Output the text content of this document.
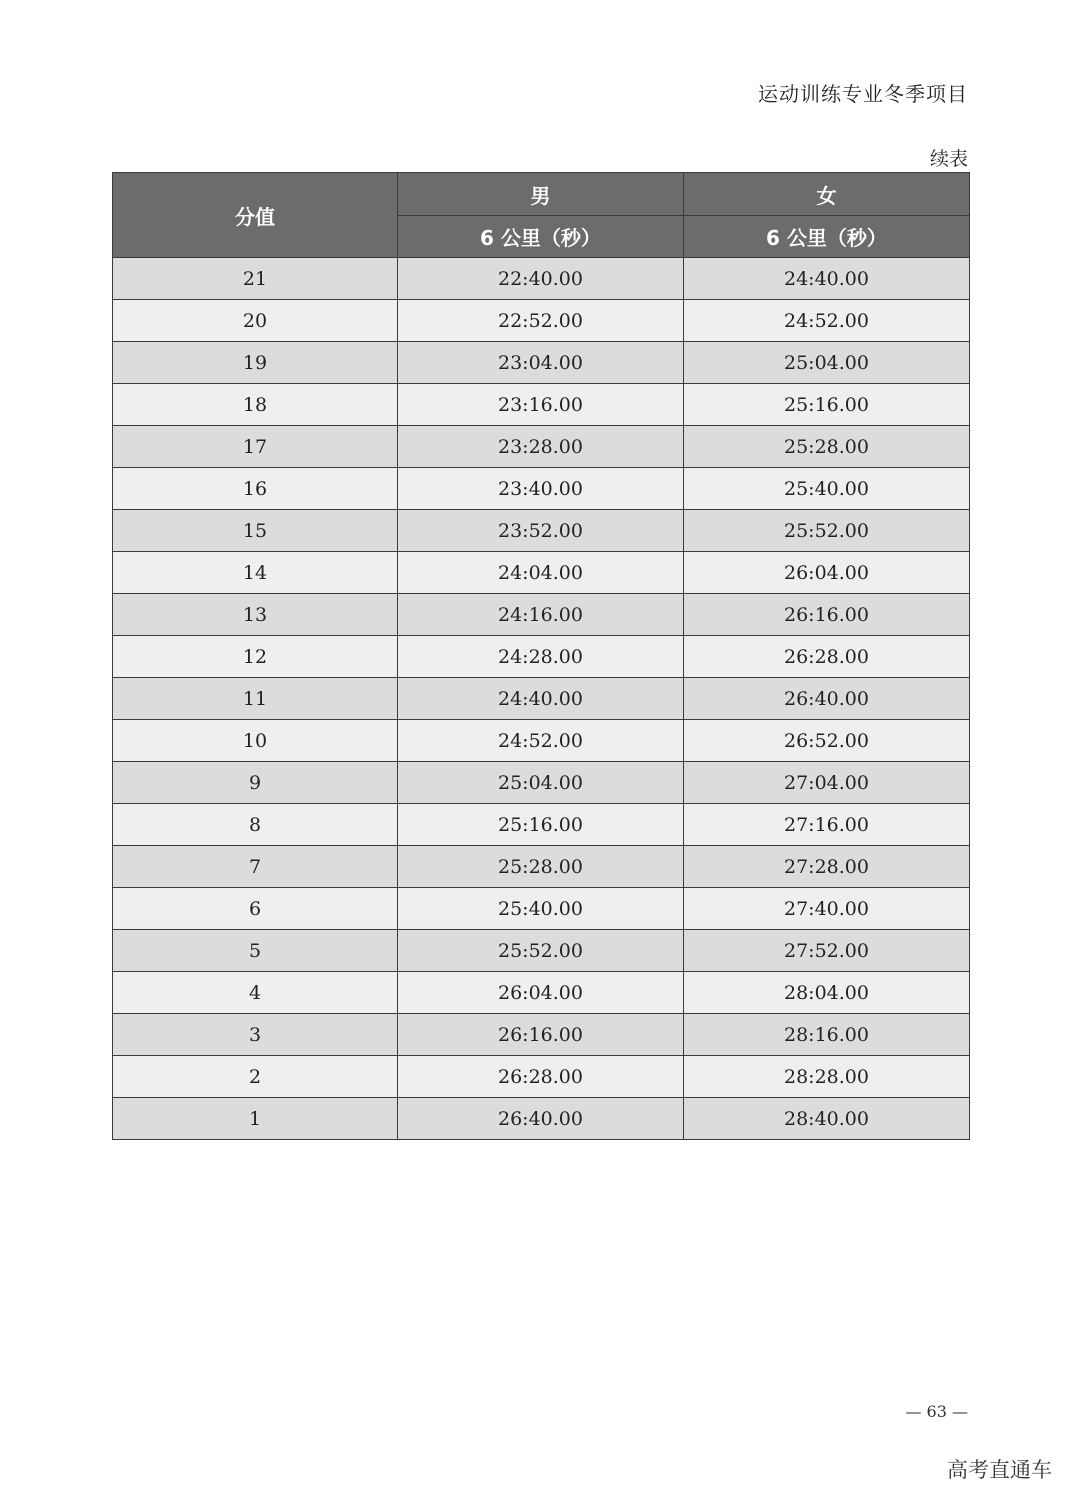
运动训练专业冬季项目
续表
分值	男	女
	6 公里（秒）	6 公里（秒）
21	22:40.00	24:40.00
20	22:52.00	24:52.00
19	23:04.00	25:04.00
18	23:16.00	25:16.00
17	23:28.00	25:28.00
16	23:40.00	25:40.00
15	23:52.00	25:52.00
14	24:04.00	26:04.00
13	24:16.00	26:16.00
12	24:28.00	26:28.00
11	24:40.00	26:40.00
10	24:52.00	26:52.00
9	25:04.00	27:04.00
8	25:16.00	27:16.00
7	25:28.00	27:28.00
6	25:40.00	27:40.00
5	25:52.00	27:52.00
4	26:04.00	28:04.00
3	26:16.00	28:16.00
2	26:28.00	28:28.00
1	26:40.00	28:40.00
— 63 —
高考直通车
